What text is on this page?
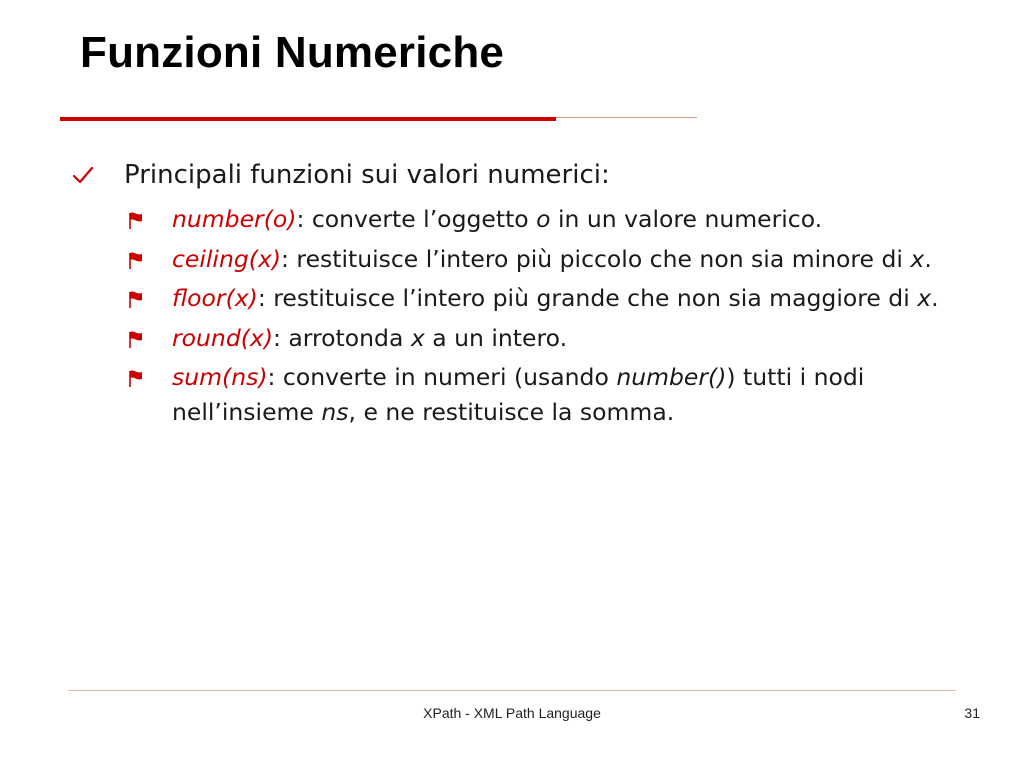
Funzioni Numeriche
Principali funzioni sui valori numerici:
number(o): converte l’oggetto o in un valore numerico.
ceiling(x): restituisce l’intero più piccolo che non sia minore di x.
floor(x): restituisce l’intero più grande che non sia maggiore di x.
round(x): arrotonda x a un intero.
sum(ns): converte in numeri (usando number()) tutti i nodi nell’insieme ns, e ne restituisce la somma.
XPath - XML Path Language	31
